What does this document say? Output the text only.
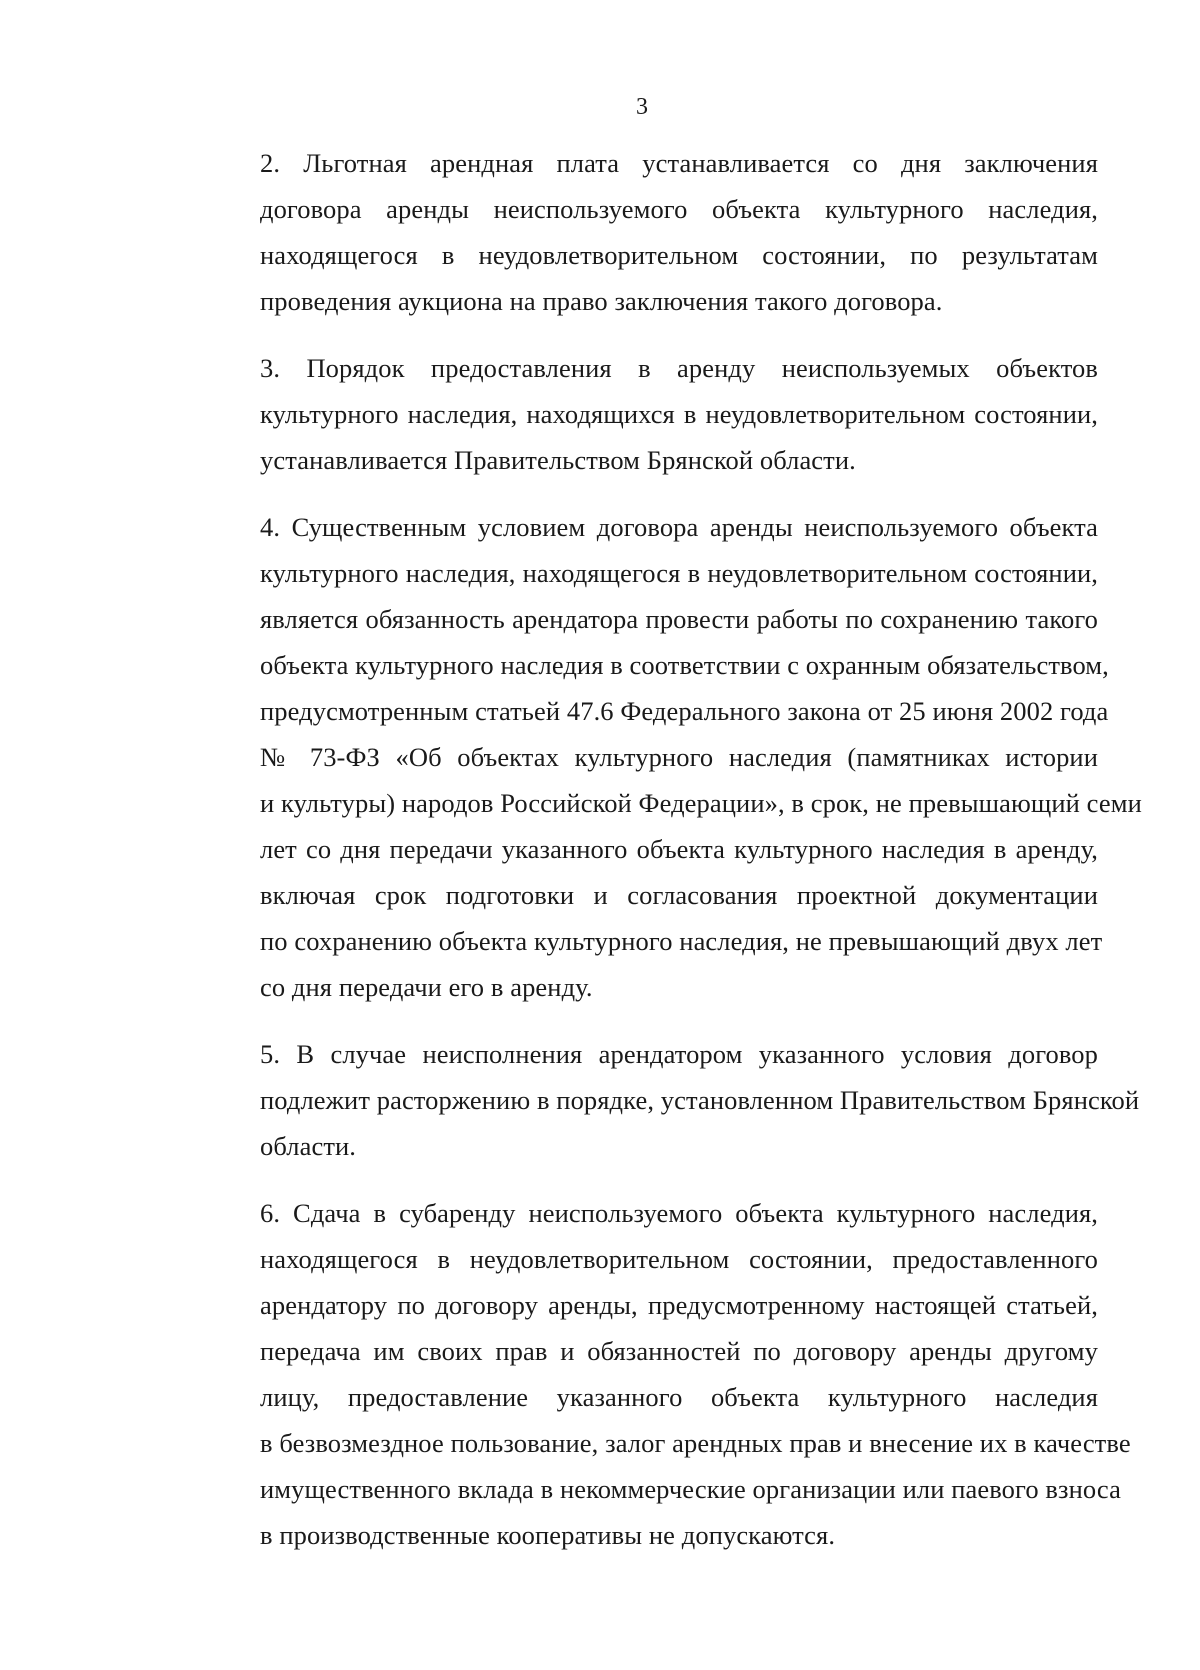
3

2. Льготная арендная плата устанавливается со дня заключения
договора аренды неиспользуемого объекта культурного наследия,
находящегося в неудовлетворительном состоянии, по результатам
проведения аукциона на право заключения такого договора.

3. Порядок предоставления в аренду неиспользуемых объектов
культурного наследия, находящихся в неудовлетворительном состоянии,
устанавливается Правительством Брянской области.

4. Существенным условием договора аренды неиспользуемого объекта
культурного наследия, находящегося в неудовлетворительном состоянии,
является обязанность арендатора провести работы по сохранению такого
объекта культурного наследия в соответствии с охранным обязательством,
предусмотренным статьей 47.6 Федерального закона от 25 июня 2002 года
№ 73-ФЗ «Об объектах культурного наследия (памятниках истории
и культуры) народов Российской Федерации», в срок, не превышающий семи
лет со дня передачи указанного объекта культурного наследия в аренду,
включая срок подготовки и согласования проектной документации
по сохранению объекта культурного наследия, не превышающий двух лет
со дня передачи его в аренду.

5. В случае неисполнения арендатором указанного условия договор
подлежит расторжению в порядке, установленном Правительством Брянской
области.

6. Сдача в субаренду неиспользуемого объекта культурного наследия,
находящегося в неудовлетворительном состоянии, предоставленного
арендатору по договору аренды, предусмотренному настоящей статьей,
передача им своих прав и обязанностей по договору аренды другому
лицу, предоставление указанного объекта культурного наследия
в безвозмездное пользование, залог арендных прав и внесение их в качестве
имущественного вклада в некоммерческие организации или паевого взноса
в производственные кооперативы не допускаются.
